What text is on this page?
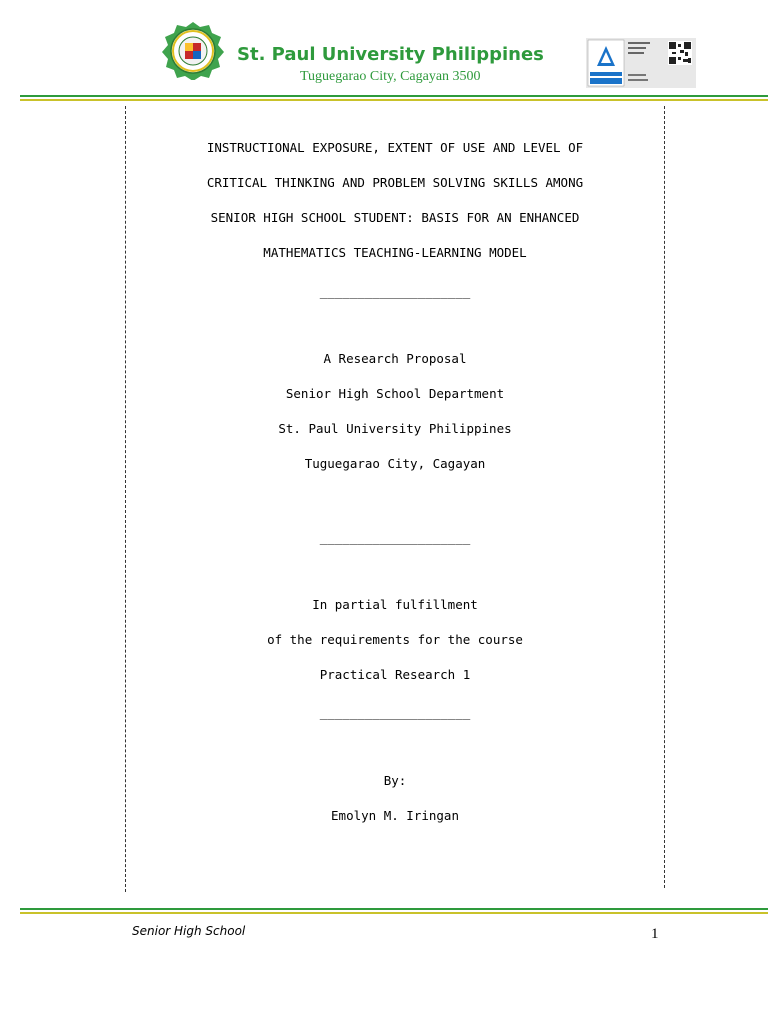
St. Paul University Philippines
Tuguegarao City, Cagayan 3500
INSTRUCTIONAL EXPOSURE, EXTENT OF USE AND LEVEL OF
CRITICAL THINKING AND PROBLEM SOLVING SKILLS AMONG
SENIOR HIGH SCHOOL STUDENT: BASIS FOR AN ENHANCED
MATHEMATICS TEACHING-LEARNING MODEL
____________________
A Research Proposal
Senior High School Department
St. Paul University Philippines
Tuguegarao City, Cagayan
____________________
In partial fulfillment
of the requirements for the course
Practical Research 1
____________________
By:
Emolyn M. Iringan
Senior High School	1
